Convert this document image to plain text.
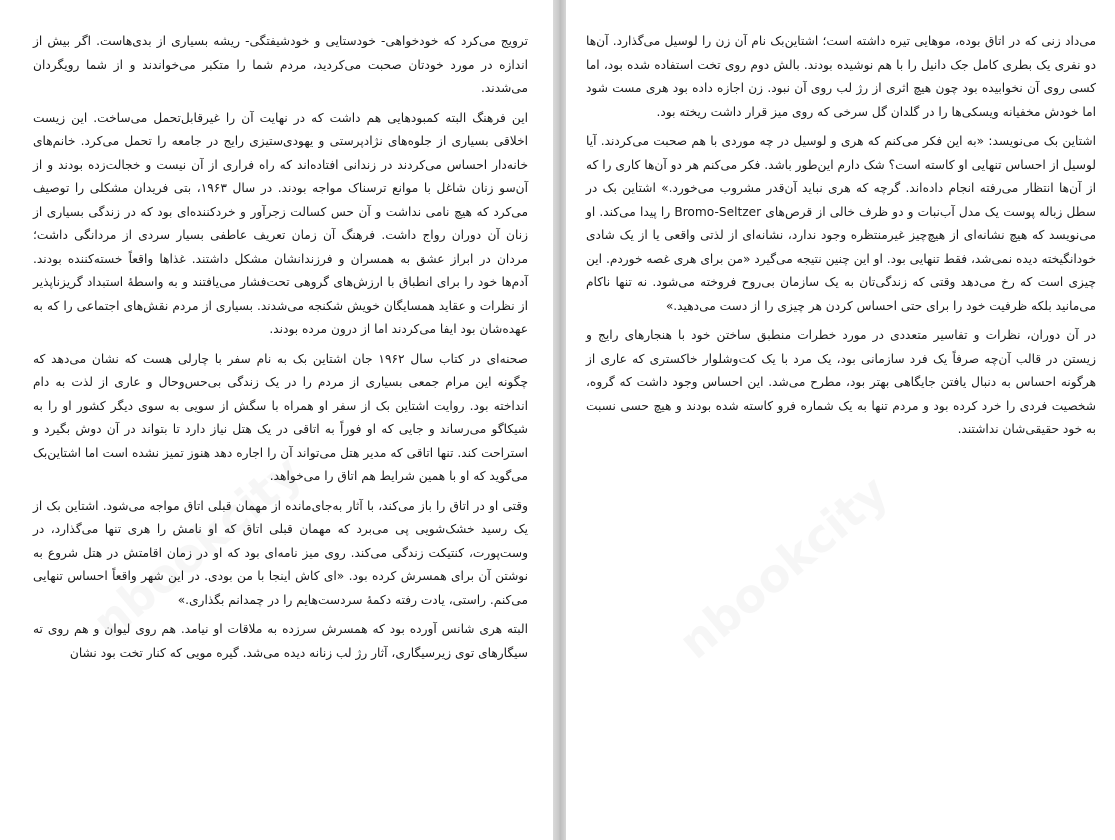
ترویج می‌کرد که خودخواهی- خودستایی و خودشیفتگی- ریشه بسیاری از بدی‌هاست. اگر بیش از اندازه در مورد خودتان صحبت می‌کردید، مردم شما را متکبر می‌خواندند و از شما رویگردان می‌شدند.

این فرهنگ البته کمبودهایی هم داشت که در نهایت آن را غیرقابل‌تحمل می‌ساخت. این زیست اخلاقی بسیاری از جلوه‌های نژادپرستی و یهودی‌ستیزی رایج در جامعه را تحمل می‌کرد. خانم‌های خانه‌دار احساس می‌کردند در زندانی افتاده‌اند که راه فراری از آن نیست و خجالت‌زده بودند و از آن‌سو زنان شاغل با موانع ترسناک مواجه بودند. در سال ۱۹۶۳، بتی فریدان مشکلی را توصیف می‌کرد که هیچ نامی نداشت و آن حس کسالت زجرآور و خردکننده‌ای بود که در زندگی بسیاری از زنان آن دوران رواج داشت. فرهنگ آن زمان تعریف عاطفی بسیار سردی از مردانگی داشت؛ مردان در ابراز عشق به همسران و فرزندانشان مشکل داشتند. غذاها واقعاً خسته‌کننده بودند. آدم‌ها خود را برای انطباق با ارزش‌های گروهی تحت‌فشار می‌یافتند و به واسطهٔ استبداد گریزناپذیر از نظرات و عقاید همسایگان خویش شکنجه می‌شدند. بسیاری از مردم نقش‌های اجتماعی را که به عهده‌شان بود ایفا می‌کردند اما از درون مرده بودند.

صحنه‌ای در کتاب سال ۱۹۶۲ جان اشتاین بک به نام سفر با چارلی هست که نشان می‌دهد که چگونه این مرام جمعی بسیاری از مردم را در یک زندگی بی‌حس‌وحال و عاری از لذت به دام انداخته بود. روایت اشتاین بک از سفر او همراه با سگش از سویی به سوی دیگر کشور او را به شیکاگو می‌رساند و جایی که او فوراً به اتاقی در یک هتل نیاز دارد تا بتواند در آن دوش بگیرد و استراحت کند. تنها اتاقی که مدیر هتل می‌تواند آن را اجاره دهد هنوز تمیز نشده است اما اشتاین‌بک می‌گوید که او با همین شرایط هم اتاق را می‌خواهد.

وقتی او در اتاق را باز می‌کند، با آثار به‌جای‌مانده از مهمان قبلی اتاق مواجه می‌شود. اشتاین بک از یک رسید خشک‌شویی پی می‌برد که مهمان قبلی اتاق که او نامش را هری تنها می‌گذارد، در وست‌پورت، کنتیکت زندگی می‌کند. روی میز نامه‌ای بود که او در زمان اقامتش در هتل شروع به نوشتن آن برای همسرش کرده بود. «ای کاش اینجا با من بودی. در این شهر واقعاً احساس تنهایی می‌کنم. راستی، یادت رفته دکمهٔ سردست‌هایم را در چمدانم بگذاری.»

البته هری شانس آورده بود که همسرش سرزده به ملاقات او نیامد. هم روی لیوان و هم روی ته سیگارهای توی زیرسیگاری، آثار رژ لب زنانه دیده می‌شد. گیره مویی که کنار تخت بود نشان

می‌داد زنی که در اتاق بوده، موهایی تیره داشته است؛ اشتاین‌بک نام آن زن را لوسیل می‌گذارد. آن‌ها دو نفری یک بطری کامل جک دانیل را با هم نوشیده بودند. بالش دوم روی تخت استفاده شده بود، اما کسی روی آن نخوابیده بود چون هیچ اثری از رژ لب روی آن نبود. زن اجازه داده بود هری مست شود اما خودش مخفیانه ویسکی‌ها را در گلدان گل سرخی که روی میز قرار داشت ریخته بود.

اشتاین بک می‌نویسد: «به این فکر می‌کنم که هری و لوسیل در چه موردی با هم صحبت می‌کردند. آیا لوسیل از احساس تنهایی او کاسته است؟ شک دارم این‌طور باشد. فکر می‌کنم هر دو آن‌ها کاری را که از آن‌ها انتظار می‌رفته انجام داده‌اند. گرچه که هری نباید آن‌قدر مشروب می‌خورد.» اشتاین بک در سطل زباله پوست یک مدل آب‌نبات و دو ظرف خالی از قرص‌های Bromo-Seltzer را پیدا می‌کند. او می‌نویسد که هیچ نشانه‌ای از هیچ‌چیز غیرمنتظره وجود ندارد، نشانه‌ای از لذتی واقعی یا از یک شادی خودانگیخته دیده نمی‌شد، فقط تنهایی بود. او این چنین نتیجه می‌گیرد «من برای هری غصه خوردم. این چیزی است که رخ می‌دهد وقتی که زندگی‌تان به یک سازمان بی‌روح فروخته می‌شود. نه تنها ناکام می‌مانید بلکه ظرفیت خود را برای حتی احساس کردن هر چیزی را از دست می‌دهید.»

در آن دوران، نظرات و تفاسیر متعددی در مورد خطرات منطبق ساختن خود با هنجارهای رایج و زیستن در قالب آن‌چه صرفاً یک فرد سازمانی بود، یک مرد با یک کت‌وشلوار خاکستری که عاری از هرگونه احساس به دنبال یافتن جایگاهی بهتر بود، مطرح می‌شد. این احساس وجود داشت که گروه، شخصیت فردی را خرد کرده بود و مردم تنها به یک شماره فرو کاسته شده بودند و هیچ حسی نسبت به خود حقیقی‌شان نداشتند.
